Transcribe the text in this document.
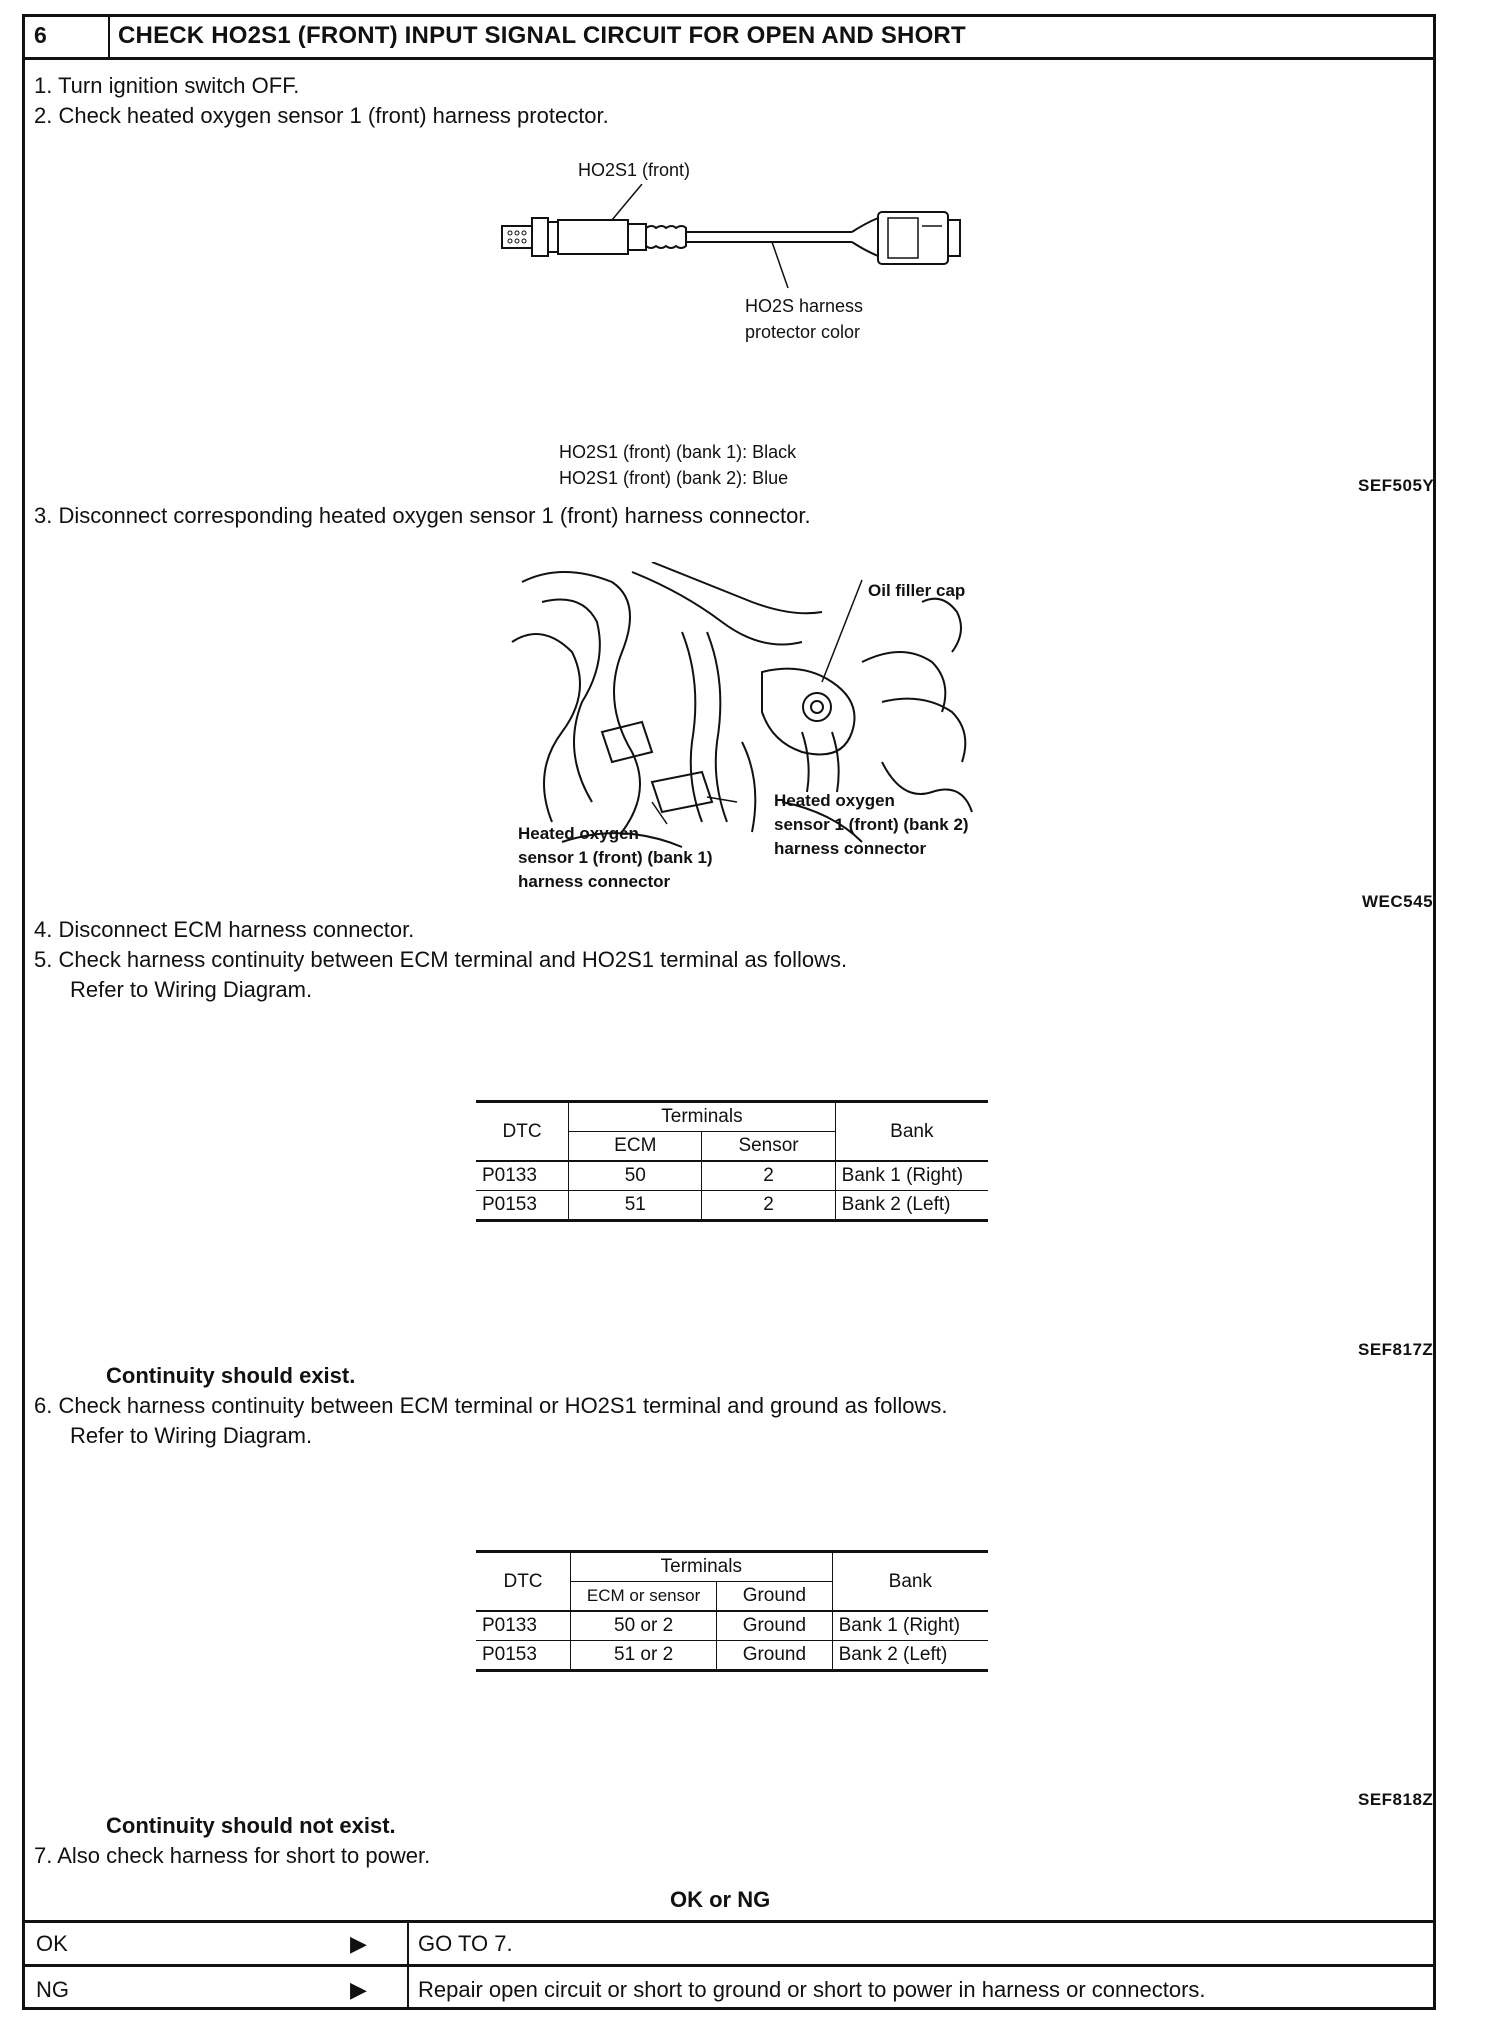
6	CHECK HO2S1 (FRONT) INPUT SIGNAL CIRCUIT FOR OPEN AND SHORT
1. Turn ignition switch OFF.
2. Check heated oxygen sensor 1 (front) harness protector.
HO2S1 (front)
HO2S harness
protector color
HO2S1 (front) (bank 1): Black
HO2S1 (front) (bank 2): Blue	SEF505Y
3. Disconnect corresponding heated oxygen sensor 1 (front) harness connector.
Oil filler cap
Heated oxygen
sensor 1 (front) (bank 2)
harness connector
Heated oxygen
sensor 1 (front) (bank 1)
harness connector
WEC545
4. Disconnect ECM harness connector.
5. Check harness continuity between ECM terminal and HO2S1 terminal as follows.
Refer to Wiring Diagram.
DTC	Terminals		Bank
	ECM	Sensor	
P0133	50	2	Bank 1 (Right)
P0153	51	2	Bank 2 (Left)
SEF817Z
Continuity should exist.
6. Check harness continuity between ECM terminal or HO2S1 terminal and ground as follows.
Refer to Wiring Diagram.
DTC	Terminals		Bank
	ECM or sensor	Ground	
P0133	50 or 2	Ground	Bank 1 (Right)
P0153	51 or 2	Ground	Bank 2 (Left)
SEF818Z
Continuity should not exist.
7. Also check harness for short to power.
OK or NG
OK	▶ GO TO 7.
NG	▶ Repair open circuit or short to ground or short to power in harness or connectors.
